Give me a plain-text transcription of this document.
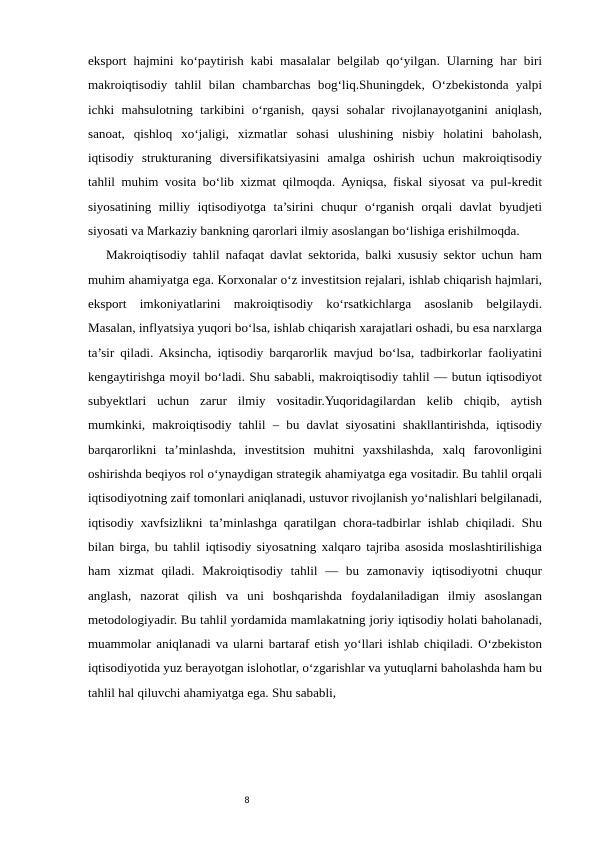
eksport hajmini ko‘paytirish kabi masalalar belgilab qo‘yilgan. Ularning har biri makroiqtisodiy tahlil bilan chambarchas bog‘liq.Shuningdek, O‘zbekistonda yalpi ichki mahsulotning tarkibini o‘rganish, qaysi sohalar rivojlanayotganini aniqlash, sanoat, qishloq xo‘jaligi, xizmatlar sohasi ulushining nisbiy holatini baholash, iqtisodiy strukturaning diversifikatsiyasini amalga oshirish uchun makroiqtisodiy tahlil muhim vosita bo‘lib xizmat qilmoqda. Ayniqsa, fiskal siyosat va pul-kredit siyosatining milliy iqtisodiyotga ta’sirini chuqur o‘rganish orqali davlat byudjeti siyosati va Markaziy bankning qarorlari ilmiy asoslangan bo‘lishiga erishilmoqda.

Makroiqtisodiy tahlil nafaqat davlat sektorida, balki xususiy sektor uchun ham muhim ahamiyatga ega. Korxonalar o‘z investitsion rejalari, ishlab chiqarish hajmlari, eksport imkoniyatlarini makroiqtisodiy ko‘rsatkichlarga asoslanib belgilaydi. Masalan, inflyatsiya yuqori bo‘lsa, ishlab chiqarish xarajatlari oshadi, bu esa narxlarga ta’sir qiladi. Aksincha, iqtisodiy barqarorlik mavjud bo‘lsa, tadbirkorlar faoliyatini kengaytirishga moyil bo‘ladi. Shu sababli, makroiqtisodiy tahlil — butun iqtisodiyot subyektlari uchun zarur ilmiy vositadir.Yuqoridagilardan kelib chiqib, aytish mumkinki, makroiqtisodiy tahlil – bu davlat siyosatini shakllantirishda, iqtisodiy barqarorlikni ta’minlashda, investitsion muhitni yaxshilashda, xalq farovonligini oshirishda beqiyos rol o‘ynaydigan strategik ahamiyatga ega vositadir. Bu tahlil orqali iqtisodiyotning zaif tomonlari aniqlanadi, ustuvor rivojlanish yo‘nalishlari belgilanadi, iqtisodiy xavfsizlikni ta’minlashga qaratilgan chora-tadbirlar ishlab chiqiladi. Shu bilan birga, bu tahlil iqtisodiy siyosatning xalqaro tajriba asosida moslashtirilishiga ham xizmat qiladi. Makroiqtisodiy tahlil — bu zamonaviy iqtisodiyotni chuqur anglash, nazorat qilish va uni boshqarishda foydalaniladigan ilmiy asoslangan metodologiyadir. Bu tahlil yordamida mamlakatning joriy iqtisodiy holati baholanadi, muammolar aniqlanadi va ularni bartaraf etish yo‘llari ishlab chiqiladi. O‘zbekiston iqtisodiyotida yuz berayotgan islohotlar, o‘zgarishlar va yutuqlarni baholashda ham bu tahlil hal qiluvchi ahamiyatga ega. Shu sababli,

8
